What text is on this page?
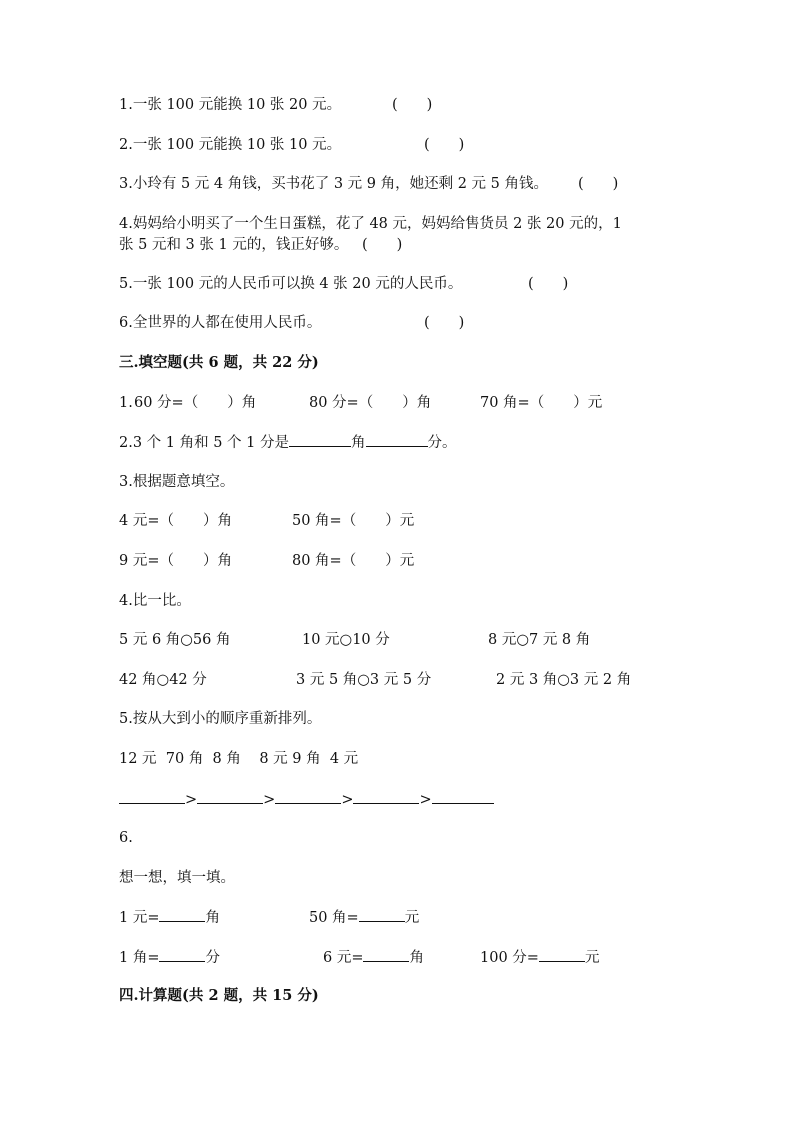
1.一张 100 元能换 10 张 20 元。	(　　)
2.一张 100 元能换 10 张 10 元。	(　　)
3.小玲有 5 元 4 角钱，买书花了 3 元 9 角，她还剩 2 元 5 角钱。 (　　)
4.妈妈给小明买了一个生日蛋糕，花了 48 元，妈妈给售货员 2 张 20 元的，1
张 5 元和 3 张 1 元的，钱正好够。 (　　)
5.一张 100 元的人民币可以换 4 张 20 元的人民币。	(　　)
6.全世界的人都在使用人民币。	(　　)
三.填空题(共 6 题，共 22 分)
1. 60 分=（　　）角	80 分=（　　）角	70 角=（　　）元
2.3 个 1 角和 5 个 1 分是	角	分。
3.根据题意填空。
4 元=（　　）角	50 角=（　　）元
9 元=（　　）角	80 角=（　　）元
4.比一比。
5 元 6 角○56 角	10 元○10 分	8 元○7 元 8 角
42 角○42 分	3 元 5 角○3 元 5 分	2 元 3 角○3 元 2 角
5.按从大到小的顺序重新排列。
12 元  70 角  8 角    8 元 9 角  4 元
>	>	>	>
6.
想一想，填一填。
1 元=	角	50 角=	元
1 角=	分	6 元=	角	100 分=	元
四.计算题(共 2 题，共 15 分)
